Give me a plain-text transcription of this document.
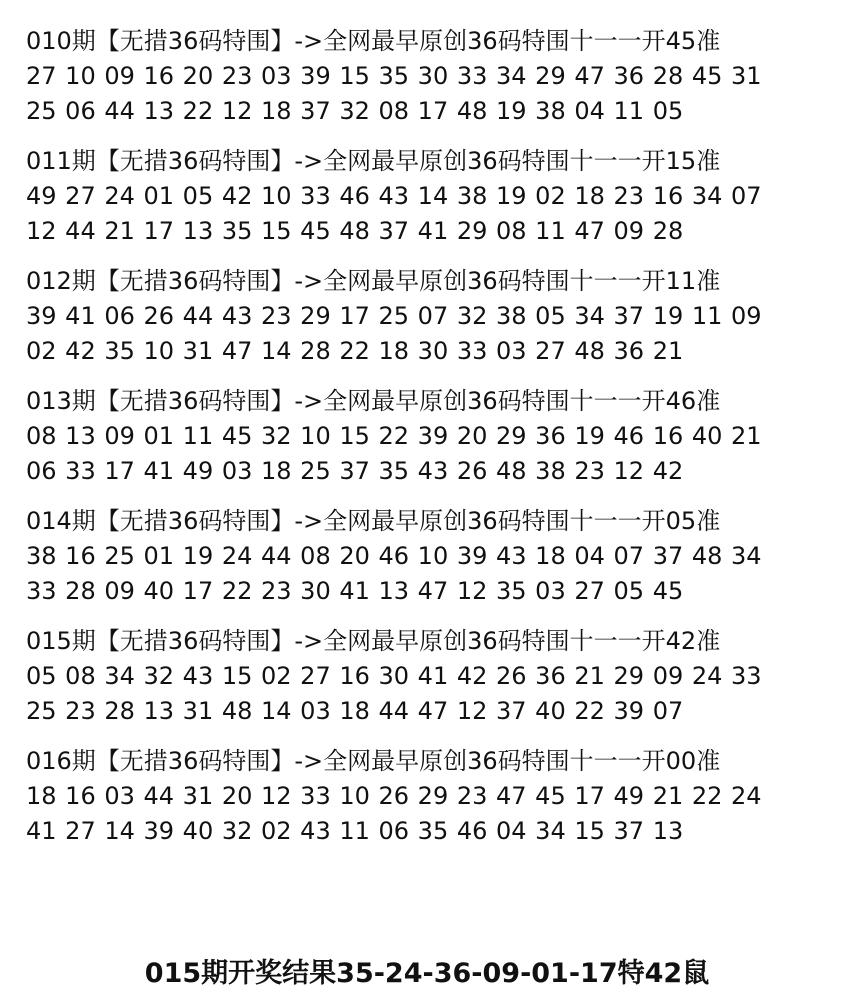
010期【无措36码特围】->全网最早原创36码特围十一一开45准
27 10 09 16 20 23 03 39 15 35 30 33 34 29 47 36 28 45 31
25 06 44 13 22 12 18 37 32 08 17 48 19 38 04 11 05
011期【无措36码特围】->全网最早原创36码特围十一一开15准
49 27 24 01 05 42 10 33 46 43 14 38 19 02 18 23 16 34 07
12 44 21 17 13 35 15 45 48 37 41 29 08 11 47 09 28
012期【无措36码特围】->全网最早原创36码特围十一一开11准
39 41 06 26 44 43 23 29 17 25 07 32 38 05 34 37 19 11 09
02 42 35 10 31 47 14 28 22 18 30 33 03 27 48 36 21
013期【无措36码特围】->全网最早原创36码特围十一一开46准
08 13 09 01 11 45 32 10 15 22 39 20 29 36 19 46 16 40 21
06 33 17 41 49 03 18 25 37 35 43 26 48 38 23 12 42
014期【无措36码特围】->全网最早原创36码特围十一一开05准
38 16 25 01 19 24 44 08 20 46 10 39 43 18 04 07 37 48 34
33 28 09 40 17 22 23 30 41 13 47 12 35 03 27 05 45
015期【无措36码特围】->全网最早原创36码特围十一一开42准
05 08 34 32 43 15 02 27 16 30 41 42 26 36 21 29 09 24 33
25 23 28 13 31 48 14 03 18 44 47 12 37 40 22 39 07
016期【无措36码特围】->全网最早原创36码特围十一一开00准
18 16 03 44 31 20 12 33 10 26 29 23 47 45 17 49 21 22 24
41 27 14 39 40 32 02 43 11 06 35 46 04 34 15 37 13
015期开奖结果35-24-36-09-01-17特42鼠
